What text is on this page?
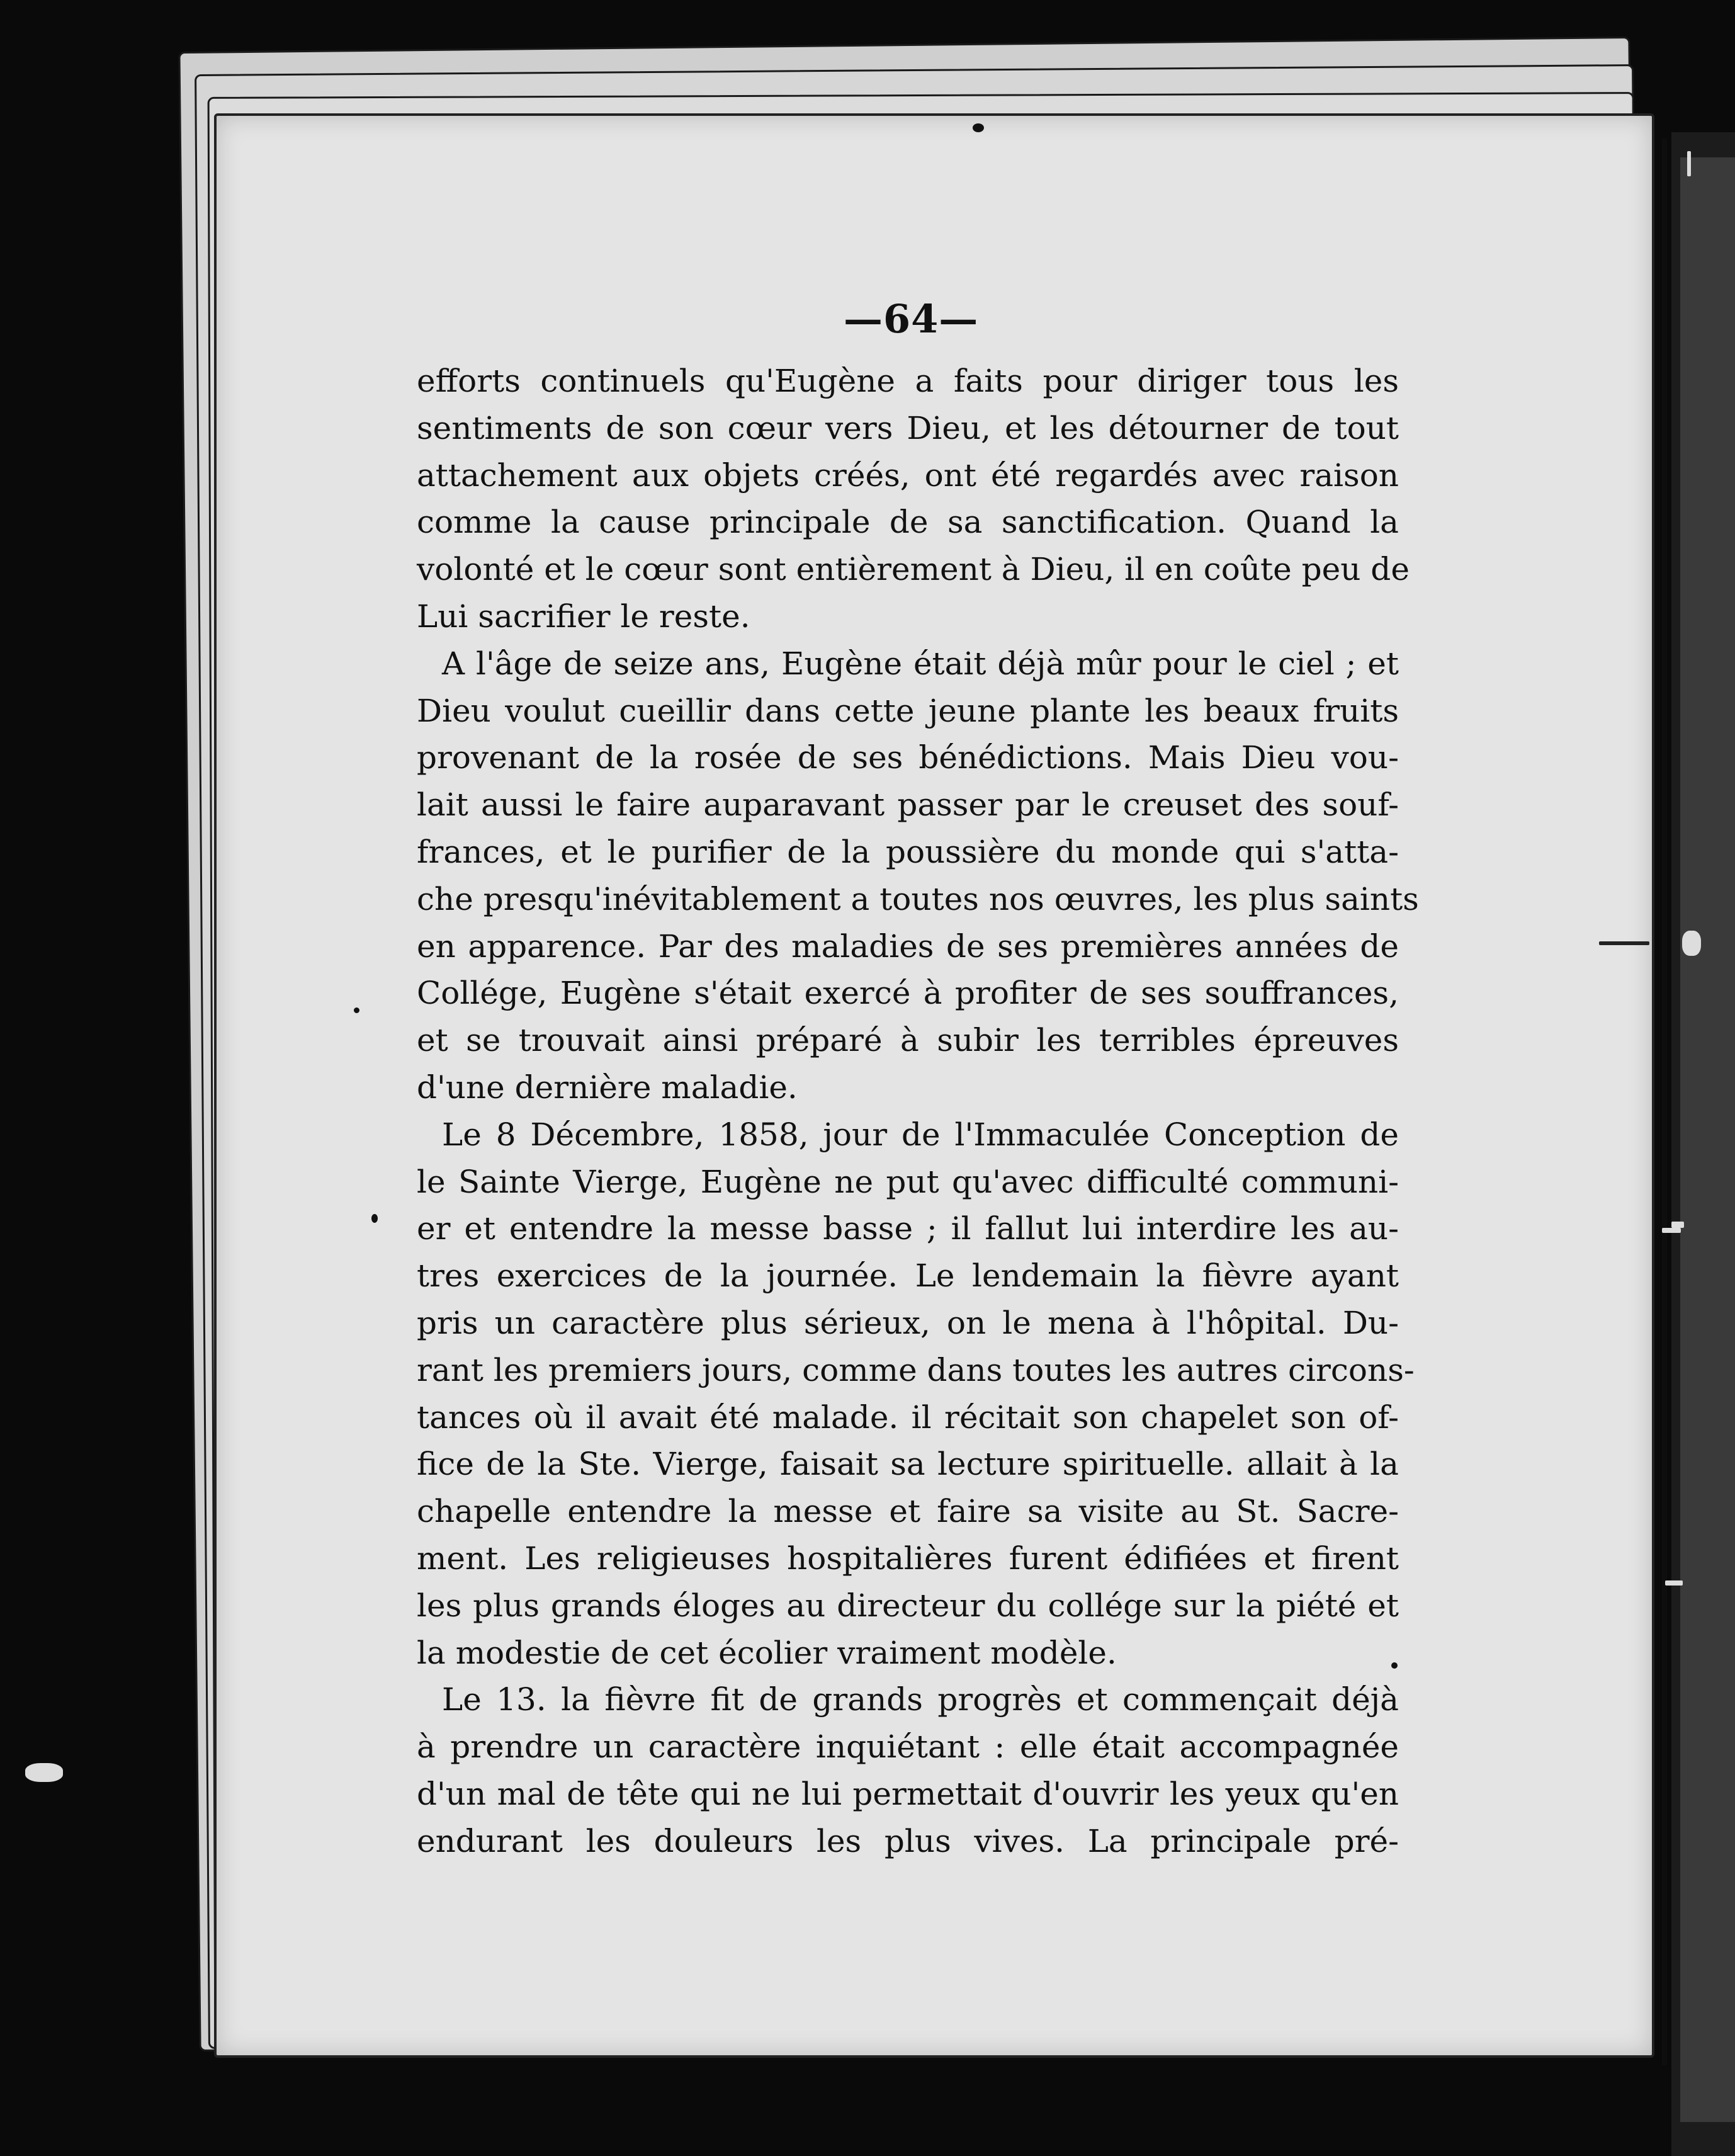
—64—
efforts continuels qu'Eugène a faits pour diriger tous les
sentiments de son cœur vers Dieu, et les détourner de tout
attachement aux objets créés, ont été regardés avec raison
comme la cause principale de sa sanctification. Quand la
volonté et le cœur sont entièrement à Dieu, il en coûte peu de
Lui sacrifier le reste.
A l'âge de seize ans, Eugène était déjà mûr pour le ciel ; et
Dieu voulut cueillir dans cette jeune plante les beaux fruits
provenant de la rosée de ses bénédictions. Mais Dieu vou-
lait aussi le faire auparavant passer par le creuset des souf-
frances, et le purifier de la poussière du monde qui s'atta-
che presqu'inévitablement a toutes nos œuvres, les plus saints
en apparence. Par des maladies de ses premières années de
Collége, Eugène s'était exercé à profiter de ses souffrances,
et se trouvait ainsi préparé à subir les terribles épreuves
d'une dernière maladie.
Le 8 Décembre, 1858, jour de l'Immaculée Conception de
le Sainte Vierge, Eugène ne put qu'avec difficulté communi-
er et entendre la messe basse ; il fallut lui interdire les au-
tres exercices de la journée. Le lendemain la fièvre ayant
pris un caractère plus sérieux, on le mena à l'hôpital. Du-
rant les premiers jours, comme dans toutes les autres circons-
tances où il avait été malade. il récitait son chapelet son of-
fice de la Ste. Vierge, faisait sa lecture spirituelle. allait à la
chapelle entendre la messe et faire sa visite au St. Sacre-
ment. Les religieuses hospitalières furent édifiées et firent
les plus grands éloges au directeur du collége sur la piété et
la modestie de cet écolier vraiment modèle.
Le 13. la fièvre fit de grands progrès et commençait déjà
à prendre un caractère inquiétant : elle était accompagnée
d'un mal de tête qui ne lui permettait d'ouvrir les yeux qu'en
endurant les douleurs les plus vives. La principale pré-
